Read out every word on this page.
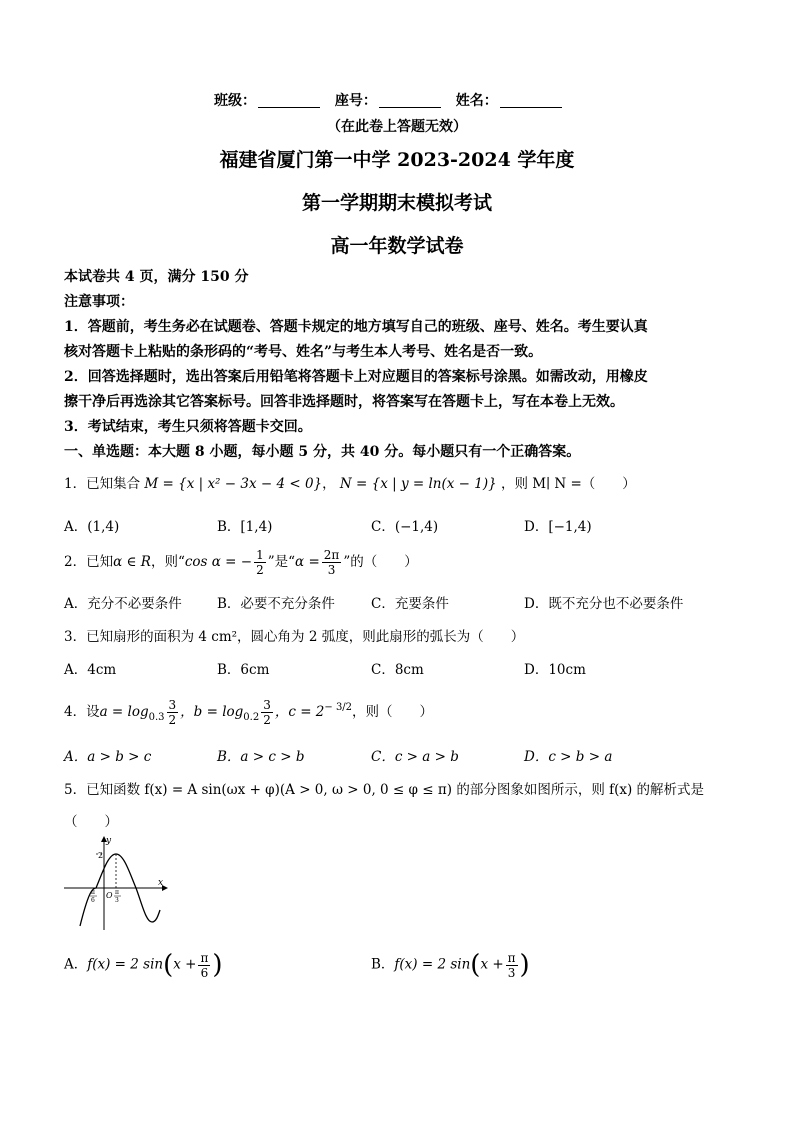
班级：	座号：	姓名：
（在此卷上答题无效）
福建省厦门第一中学 2023-2024 学年度
第一学期期末模拟考试
高一年数学试卷
本试卷共 4 页，满分 150 分
注意事项：
1．答题前，考生务必在试题卷、答题卡规定的地方填写自己的班级、座号、姓名。考生要认真
核对答题卡上粘贴的条形码的“考号、姓名”与考生本人考号、姓名是否一致。
2．回答选择题时，选出答案后用铅笔将答题卡上对应题目的答案标号涂黑。如需改动，用橡皮
擦干净后再选涂其它答案标号。回答非选择题时，将答案写在答题卡上，写在本卷上无效。
3．考试结束，考生只须将答题卡交回。
一、单选题：本大题 8 小题，每小题 5 分，共 40 分。每小题只有一个正确答案。
1．已知集合 M = {x | x² − 3x − 4 < 0}， N = {x | y = ln(x − 1)} ，则 M∣ N =（　　）
A．(1,4)	B．[1,4)	C．(−1,4)	D．[−1,4)
2．已知α ∈ R，则“cos α = − $\frac{1}{2}$ ”是“$\alpha = \frac{2\pi}{3}$ ”的（　　）
A．充分不必要条件	B．必要不充分条件	C．充要条件	D．既不充分也不必要条件
3．已知扇形的面积为 4 cm²，圆心角为 2 弧度，则此扇形的弧长为（　　）
A．4cm	B．6cm	C．8cm	D．10cm
4．设$a = \log_{0.3} \frac{3}{2}$ ，$b = \log_{0.2} \frac{3}{2}$ ，$c = 2^{- 3/2}$，则（　　）
A．a > b > c	B．a > c > b	C．c > a > b	D．c > b > a
5．已知函数 f(x) = A sin(ωx + φ)(A > 0, ω > 0, 0 ≤ φ ≤ π) 的部分图象如图所示，则 f(x) 的解析式是
（　　）
y
x
2
O
π
6
π
3
A．f(x) = 2 $\sin(x + \frac{\pi}{6}$ )	B．f(x) = 2 $\sin(x + \frac{\pi}{3}$ )
